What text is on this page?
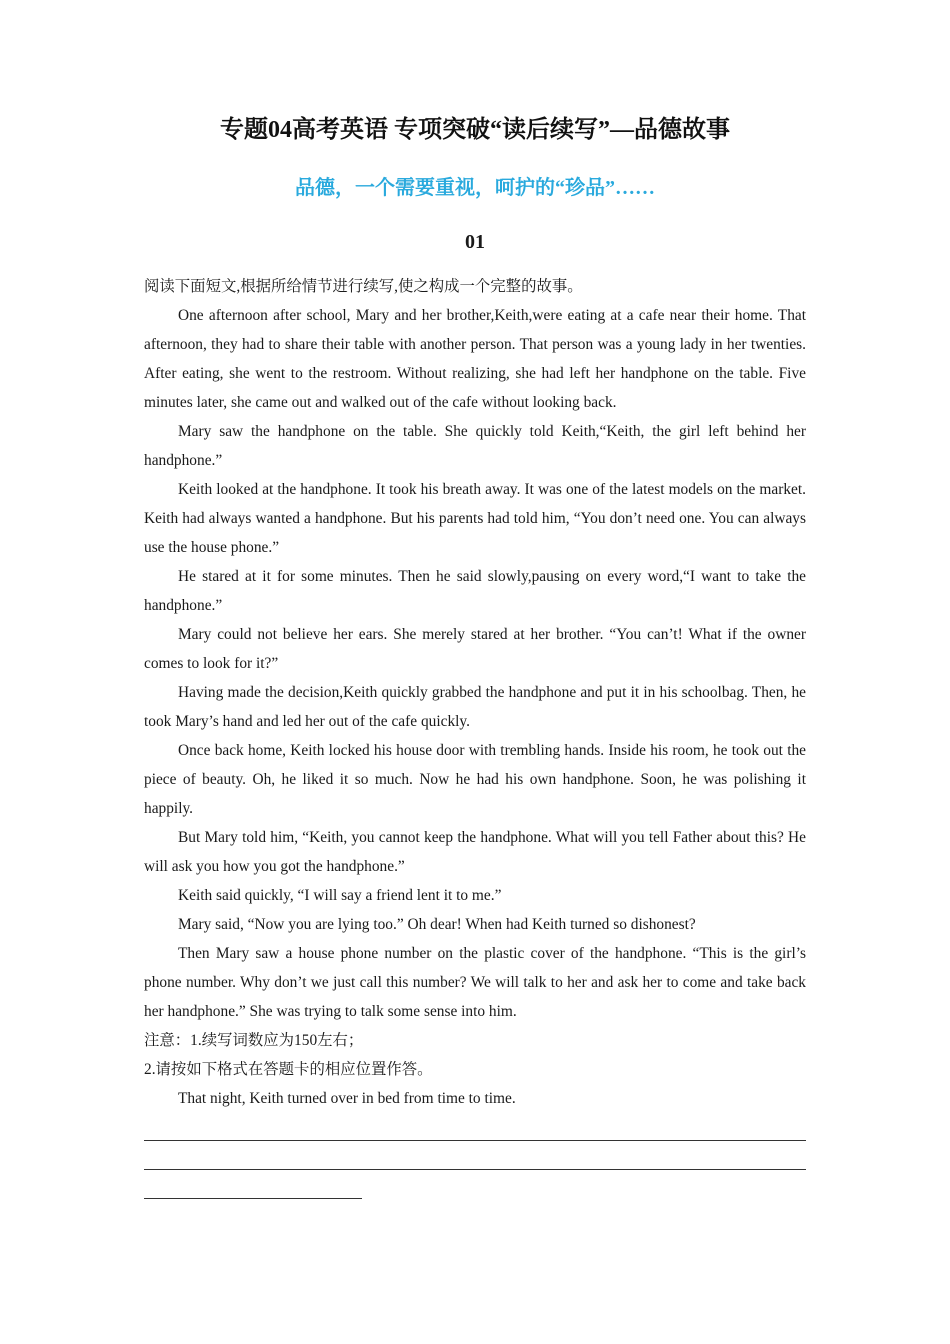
专题04高考英语 专项突破“读后续写”—品德故事
品德，一个需要重视，呵护的“珍品”……
01

阅读下面短文,根据所给情节进行续写,使之构成一个完整的故事。

One afternoon after school, Mary and her brother,Keith,were eating at a cafe near their home. That afternoon, they had to share their table with another person. That person was a young lady in her twenties. After eating, she went to the restroom. Without realizing, she had left her handphone on the table. Five minutes later, she came out and walked out of the cafe without looking back.

Mary saw the handphone on the table. She quickly told Keith,“Keith, the girl left behind her handphone.”

Keith looked at the handphone. It took his breath away. It was one of the latest models on the market. Keith had always wanted a handphone. But his parents had told him, “You don’t need one. You can always use the house phone.”

He stared at it for some minutes. Then he said slowly,pausing on every word,“I want to take the handphone.”

Mary could not believe her ears. She merely stared at her brother. “You can’t! What if the owner comes to look for it?”

Having made the decision,Keith quickly grabbed the handphone and put it in his schoolbag. Then, he took Mary’s hand and led her out of the cafe quickly.

Once back home, Keith locked his house door with trembling hands. Inside his room, he took out the piece of beauty. Oh, he liked it so much. Now he had his own handphone. Soon, he was polishing it happily.

But Mary told him, “Keith, you cannot keep the handphone. What will you tell Father about this? He will ask you how you got the handphone.”

Keith said quickly, “I will say a friend lent it to me.”

Mary said, “Now you are lying too.” Oh dear! When had Keith turned so dishonest?

Then Mary saw a house phone number on the plastic cover of the handphone. “This is the girl’s phone number. Why don’t we just call this number? We will talk to her and ask her to come and take back her handphone.” She was trying to talk some sense into him.

注意：1.续写词数应为150左右；

2.请按如下格式在答题卡的相应位置作答。

That night, Keith turned over in bed from time to time.
